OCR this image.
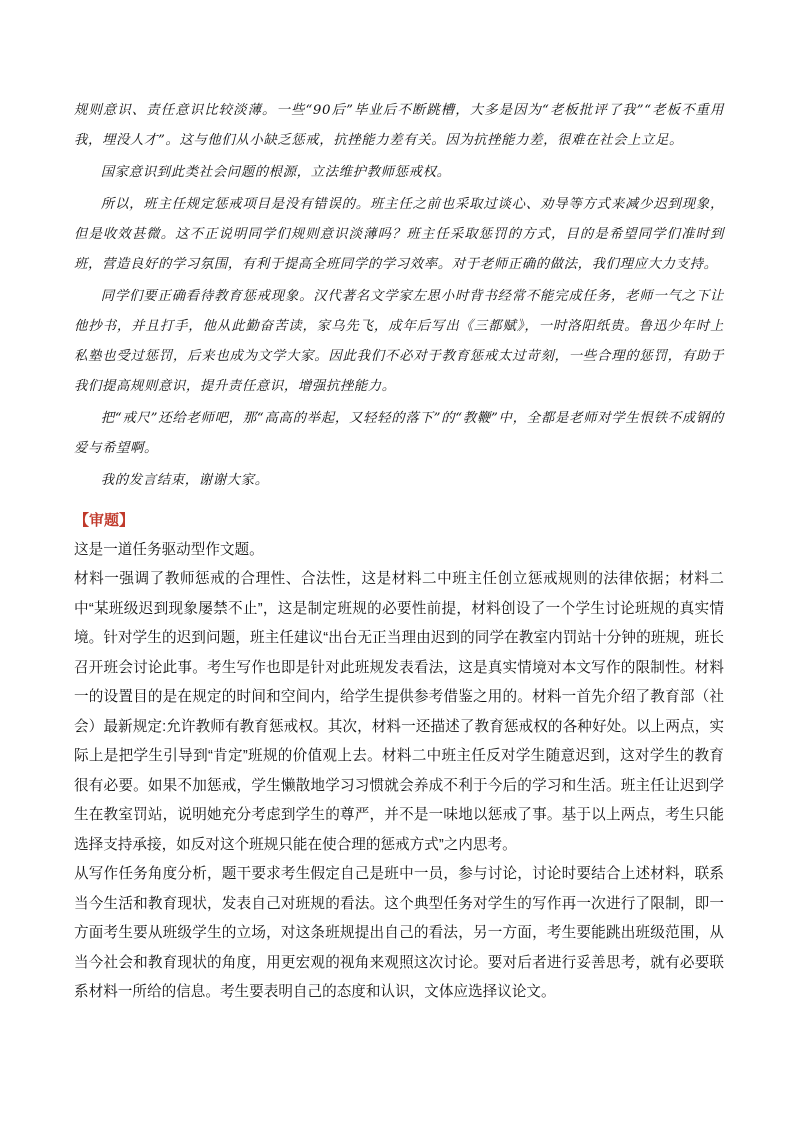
规则意识、责任意识比较淡薄。一些“90后”毕业后不断跳槽，大多是因为“老板批评了我”“老板不重用我，埋没人才”。这与他们从小缺乏惩戒，抗挫能力差有关。因为抗挫能力差，很难在社会上立足。

国家意识到此类社会问题的根源，立法维护教师惩戒权。

所以，班主任规定惩戒项目是没有错误的。班主任之前也采取过谈心、劝导等方式来减少迟到现象，但是收效甚微。这不正说明同学们规则意识淡薄吗？班主任采取惩罚的方式，目的是希望同学们准时到班，营造良好的学习氛围，有利于提高全班同学的学习效率。对于老师正确的做法，我们理应大力支持。

同学们要正确看待教育惩戒现象。汉代著名文学家左思小时背书经常不能完成任务，老师一气之下让他抄书，并且打手，他从此勤奋苦读，家乌先飞，成年后写出《三都赋》，一时洛阳纸贵。鲁迅少年时上私塾也受过惩罚，后来也成为文学大家。因此我们不必对于教育惩戒太过苛刻，一些合理的惩罚，有助于我们提高规则意识，提升责任意识，增强抗挫能力。

把“戒尺”还给老师吧，那“高高的举起，又轻轻的落下”的“教鞭”中，全都是老师对学生恨铁不成钢的爱与希望啊。

我的发言结束，谢谢大家。

【审题】

这是一道任务驱动型作文题。

材料一强调了教师惩戒的合理性、合法性，这是材料二中班主任创立惩戒规则的法律依据；材料二中“某班级迟到现象屡禁不止”，这是制定班规的必要性前提，材料创设了一个学生讨论班规的真实情境。针对学生的迟到问题，班主任建议“出台无正当理由迟到的同学在教室内罚站十分钟的班规，班长召开班会讨论此事。考生写作也即是针对此班规发表看法，这是真实情境对本文写作的限制性。材料一的设置目的是在规定的时间和空间内，给学生提供参考借鉴之用的。材料一首先介绍了教育部（社会）最新规定:允许教师有教育惩戒权。其次，材料一还描述了教育惩戒权的各种好处。以上两点，实际上是把学生引导到“肯定”班规的价值观上去。材料二中班主任反对学生随意迟到，这对学生的教育很有必要。如果不加惩戒，学生懒散地学习习惯就会养成不利于今后的学习和生活。班主任让迟到学生在教室罚站，说明她充分考虑到学生的尊严，并不是一味地以惩戒了事。基于以上两点，考生只能选择支持承接，如反对这个班规只能在使合理的惩戒方式”之内思考。

从写作任务角度分析，题干要求考生假定自己是班中一员，参与讨论，讨论时要结合上述材料，联系当今生活和教育现状，发表自己对班规的看法。这个典型任务对学生的写作再一次进行了限制，即一方面考生要从班级学生的立场，对这条班规提出自己的看法，另一方面，考生要能跳出班级范围，从当今社会和教育现状的角度，用更宏观的视角来观照这次讨论。要对后者进行妥善思考，就有必要联系材料一所给的信息。考生要表明自己的态度和认识，文体应选择议论文。
